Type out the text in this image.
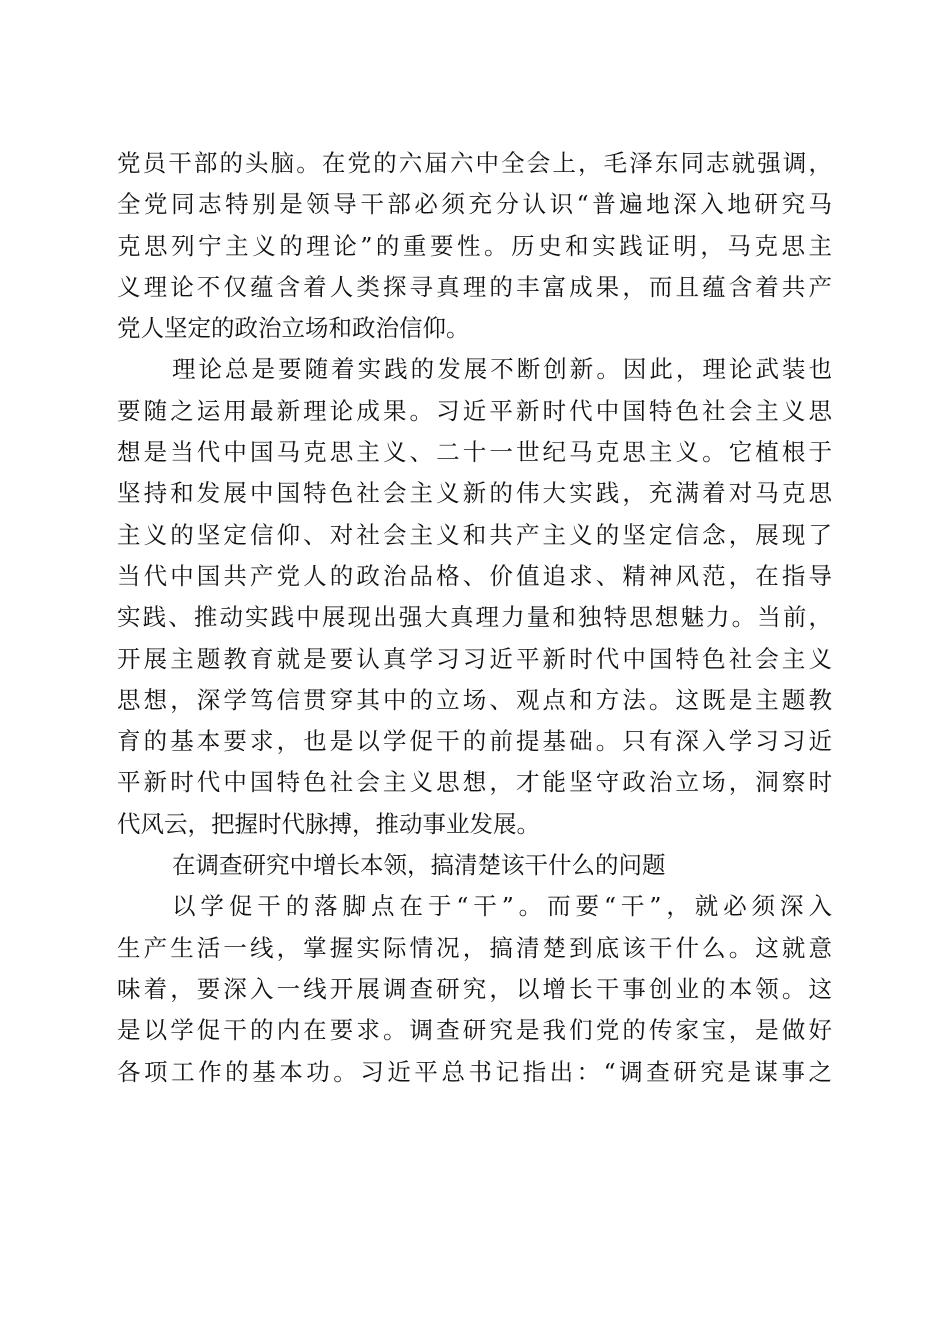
党员干部的头脑。在党的六届六中全会上，毛泽东同志就强调，
全党同志特别是领导干部必须充分认识“普遍地深入地研究马
克思列宁主义的理论”的重要性。历史和实践证明，马克思主
义理论不仅蕴含着人类探寻真理的丰富成果，而且蕴含着共产
党人坚定的政治立场和政治信仰。
理论总是要随着实践的发展不断创新。因此，理论武装也
要随之运用最新理论成果。习近平新时代中国特色社会主义思
想是当代中国马克思主义、二十一世纪马克思主义。它植根于
坚持和发展中国特色社会主义新的伟大实践，充满着对马克思
主义的坚定信仰、对社会主义和共产主义的坚定信念，展现了
当代中国共产党人的政治品格、价值追求、精神风范，在指导
实践、推动实践中展现出强大真理力量和独特思想魅力。当前，
开展主题教育就是要认真学习习近平新时代中国特色社会主义
思想，深学笃信贯穿其中的立场、观点和方法。这既是主题教
育的基本要求，也是以学促干的前提基础。只有深入学习习近
平新时代中国特色社会主义思想，才能坚守政治立场，洞察时
代风云，把握时代脉搏，推动事业发展。
在调查研究中增长本领，搞清楚该干什么的问题
以学促干的落脚点在于“干”。而要“干”，就必须深入
生产生活一线，掌握实际情况，搞清楚到底该干什么。这就意
味着，要深入一线开展调查研究，以增长干事创业的本领。这
是以学促干的内在要求。调查研究是我们党的传家宝，是做好
各项工作的基本功。习近平总书记指出：“调查研究是谋事之
